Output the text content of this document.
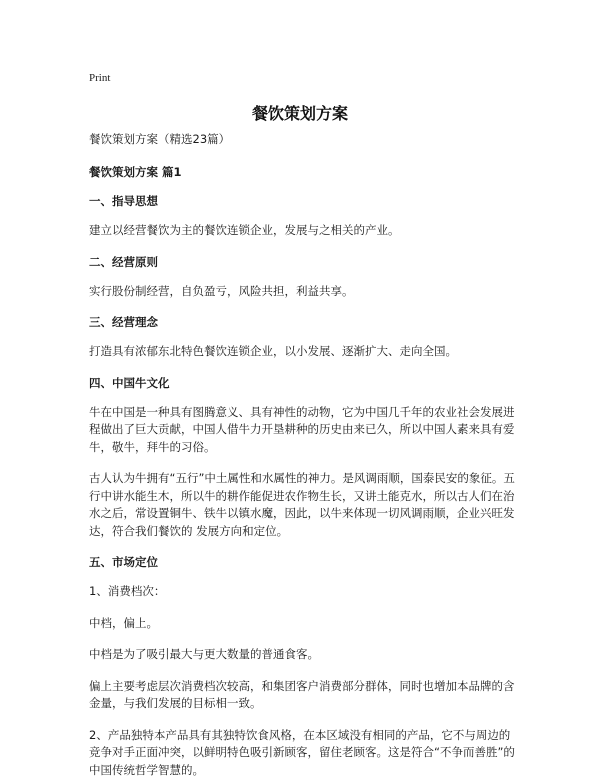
Print
餐饮策划方案

餐饮策划方案（精选23篇）

餐饮策划方案 篇1

一、指导思想

建立以经营餐饮为主的餐饮连锁企业，发展与之相关的产业。

二、经营原则

实行股份制经营，自负盈亏，风险共担，利益共享。

三、经营理念

打造具有浓郁东北特色餐饮连锁企业，以小发展、逐渐扩大、走向全国。

四、中国牛文化

牛在中国是一种具有图腾意义、具有神性的动物，它为中国几千年的农业社会发展进程做出了巨大贡献，中国人借牛力开垦耕种的历史由来已久，所以中国人素来具有爱牛，敬牛，拜牛的习俗。

古人认为牛拥有“五行”中土属性和水属性的神力。是风调雨顺，国泰民安的象征。五行中讲水能生木，所以牛的耕作能促进农作物生长，又讲土能克水，所以古人们在治水之后，常设置铜牛、铁牛以镇水魔，因此，以牛来体现一切风调雨顺，企业兴旺发达，符合我们餐饮的 发展方向和定位。

五、市场定位

1、消费档次：

中档，偏上。

中档是为了吸引最大与更大数量的普通食客。

偏上主要考虑层次消费档次较高，和集团客户消费部分群体，同时也增加本品牌的含金量，与我们发展的目标相一致。

2、产品独特本产品具有其独特饮食风格，在本区域没有相同的产品，它不与周边的竞争对手正面冲突，以鲜明特色吸引新顾客，留住老顾客。这是符合“不争而善胜”的中国传统哲学智慧的。
